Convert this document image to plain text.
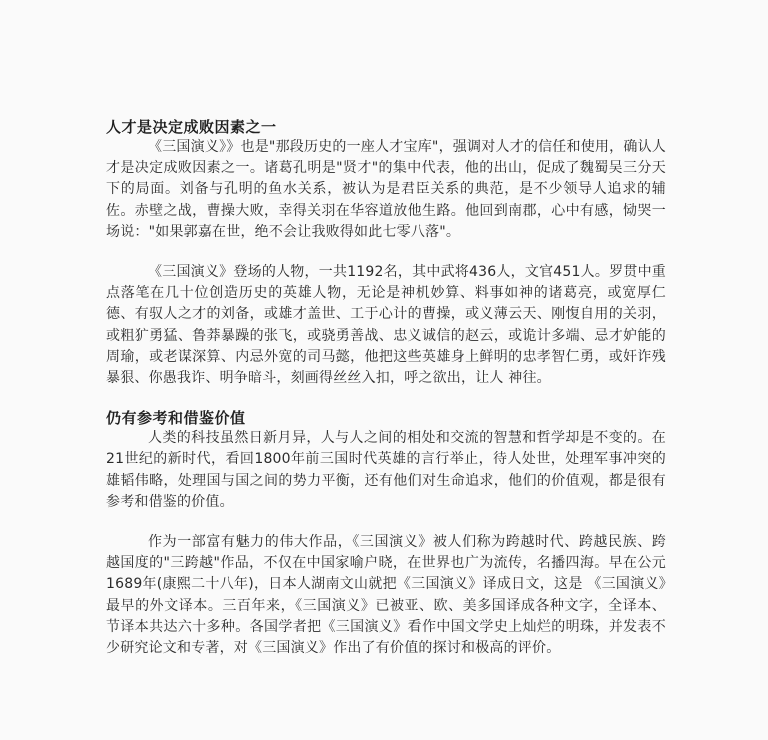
人才是决定成败因素之一

《三国演义》》也是"那段历史的一座人才宝库"，强调对人才的信任和使用，确认人才是决定成败因素之一。诸葛孔明是"贤才"的集中代表，他的出山，促成了魏蜀吴三分天下的局面。刘备与孔明的鱼水关系，被认为是君臣关系的典范，是不少领导人追求的辅佐。赤壁之战，曹操大败，幸得关羽在华容道放他生路。他回到南郡，心中有感，恸哭一场说："如果郭嘉在世，绝不会让我败得如此七零八落"。

《三国演义》登场的人物，一共1192名，其中武将436人，文官451人。罗贯中重点落笔在几十位创造历史的英雄人物，无论是神机妙算、料事如神的诸葛亮，或宽厚仁德、有驭人之才的刘备，或雄才盖世、工于心计的曹操，或义薄云天、刚愎自用的关羽，或粗犷勇猛、鲁莽暴躁的张飞，或骁勇善战、忠义诚信的赵云，或诡计多端、忌才妒能的周瑜，或老谋深算、内忌外宽的司马懿，他把这些英雄身上鲜明的忠孝智仁勇，或奸诈残暴狠、你愚我诈、明争暗斗，刻画得丝丝入扣，呼之欲出，让人 神往。

仍有参考和借鉴价值

人类的科技虽然日新月异，人与人之间的相处和交流的智慧和哲学却是不变的。在21世纪的新时代，看回1800年前三国时代英雄的言行举止，待人处世，处理军事冲突的雄韬伟略，处理国与国之间的势力平衡，还有他们对生命追求，他们的价值观，都是很有参考和借鉴的价值。

作为一部富有魅力的伟大作品，《三国演义》被人们称为跨越时代、跨越民族、跨越国度的"三跨越"作品，不仅在中国家喻户晓，在世界也广为流传，名播四海。早在公元1689年(康熙二十八年)，日本人湖南文山就把《三国演义》译成日文，这是 《三国演义》最早的外文译本。三百年来，《三国演义》已被亚、欧、美多国译成各种文字，全译本、节译本共达六十多种。各国学者把《三国演义》看作中国文学史上灿烂的明珠，并发表不少研究论文和专著，对《三国演义》作出了有价值的探讨和极高的评价。
